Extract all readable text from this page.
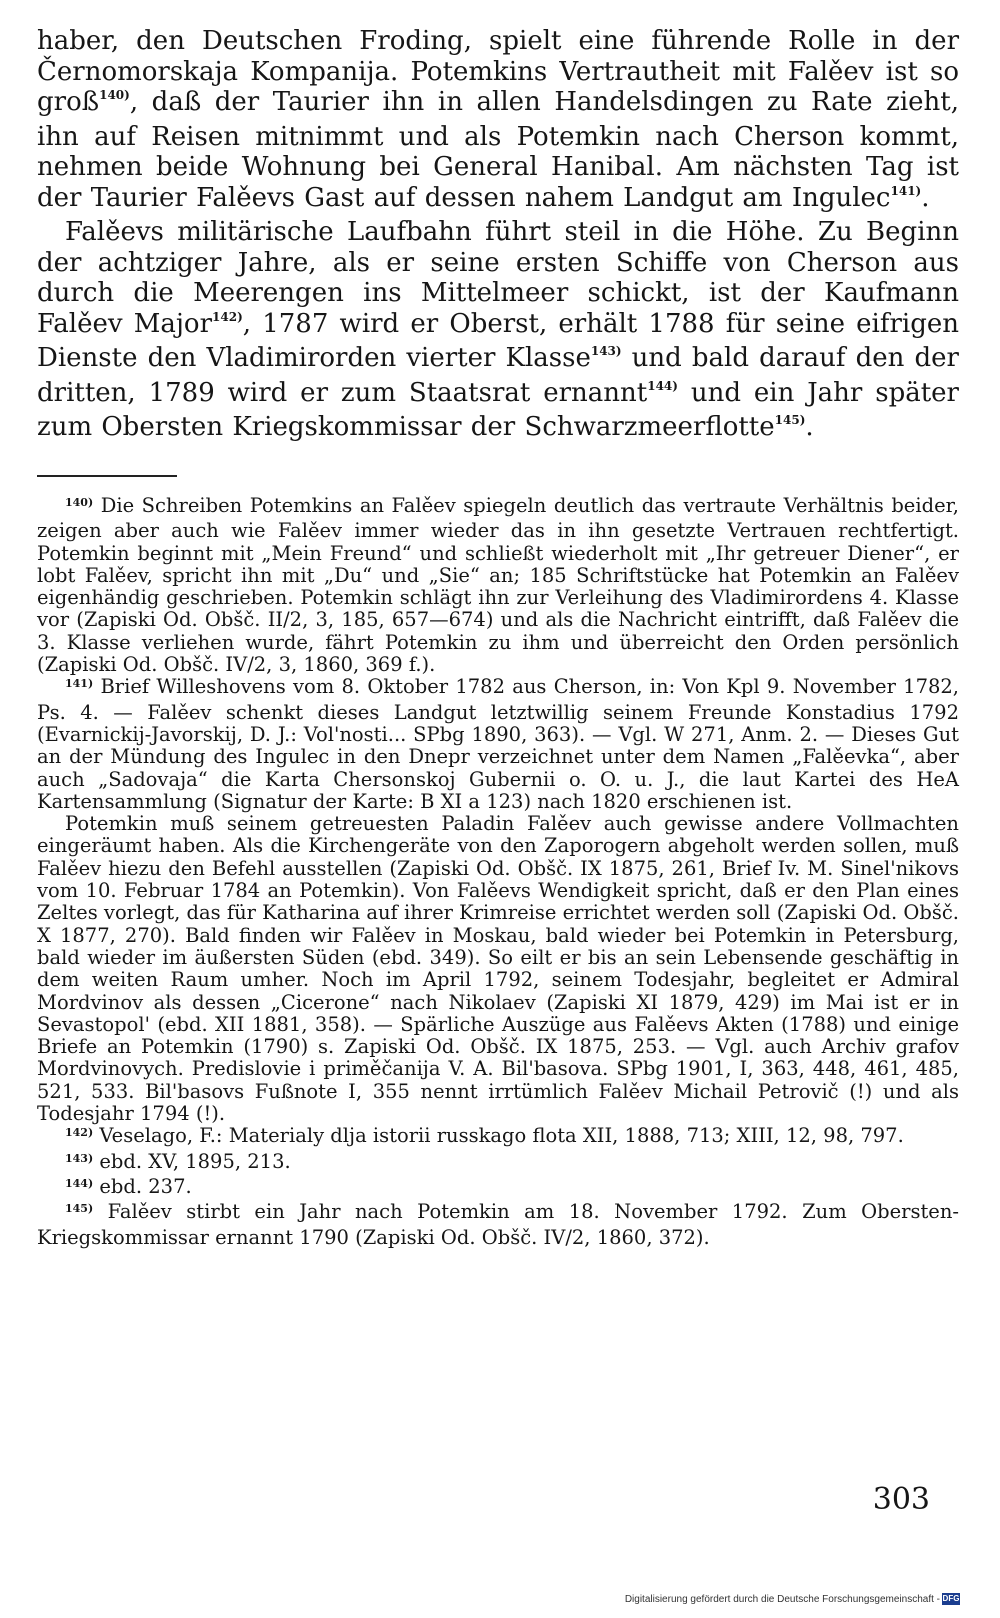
haber, den Deutschen Froding, spielt eine führende Rolle in der Černomorskaja Kompanija. Potemkins Vertrautheit mit Falěev ist so groß$^{140)}$, daß der Taurier ihn in allen Handelsdingen zu Rate zieht, ihn auf Reisen mitnimmt und als Potemkin nach Cherson kommt, nehmen beide Wohnung bei General Hanibal. Am nächsten Tag ist der Taurier Falěevs Gast auf dessen nahem Landgut am Ingulec$^{141)}$.

Falěevs militärische Laufbahn führt steil in die Höhe. Zu Beginn der achtziger Jahre, als er seine ersten Schiffe von Cherson aus durch die Meerengen ins Mittelmeer schickt, ist der Kaufmann Falěev Major$^{142)}$, 1787 wird er Oberst, erhält 1788 für seine eifrigen Dienste den Vladimirorden vierter Klasse$^{143)}$ und bald darauf den der dritten, 1789 wird er zum Staatsrat ernannt$^{144)}$ und ein Jahr später zum Obersten Kriegskommissar der Schwarzmeerflotte$^{145)}$.

$^{140)}$ Die Schreiben Potemkins an Falěev spiegeln deutlich das vertraute Verhältnis beider, zeigen aber auch wie Falěev immer wieder das in ihn gesetzte Vertrauen rechtfertigt. Potemkin beginnt mit „Mein Freund“ und schließt wiederholt mit „Ihr getreuer Diener“, er lobt Falěev, spricht ihn mit „Du“ und „Sie“ an; 185 Schriftstücke hat Potemkin an Falěev eigenhändig geschrieben. Potemkin schlägt ihn zur Verleihung des Vladimirordens 4. Klasse vor (Zapiski Od. Obšč. II/2, 3, 185, 657—674) und als die Nachricht eintrifft, daß Falěev die 3. Klasse verliehen wurde, fährt Potemkin zu ihm und überreicht den Orden persönlich (Zapiski Od. Obšč. IV/2, 3, 1860, 369 f.).

$^{141)}$ Brief Willeshovens vom 8. Oktober 1782 aus Cherson, in: Von Kpl 9. November 1782, Ps. 4. — Falěev schenkt dieses Landgut letztwillig seinem Freunde Konstadius 1792 (Evarnickij-Javorskij, D. J.: Vol'nosti... SPbg 1890, 363). — Vgl. W 271, Anm. 2. — Dieses Gut an der Mündung des Ingulec in den Dnepr verzeichnet unter dem Namen „Falěevka“, aber auch „Sadovaja“ die Karta Chersonskoj Gubernii o. O. u. J., die laut Kartei des HeA Kartensammlung (Signatur der Karte: B XI a 123) nach 1820 erschienen ist.

Potemkin muß seinem getreuesten Paladin Falěev auch gewisse andere Vollmachten eingeräumt haben. Als die Kirchengeräte von den Zaporogern abgeholt werden sollen, muß Falěev hiezu den Befehl ausstellen (Zapiski Od. Obšč. IX 1875, 261, Brief Iv. M. Sinel'nikovs vom 10. Februar 1784 an Potemkin). Von Falěevs Wendigkeit spricht, daß er den Plan eines Zeltes vorlegt, das für Katharina auf ihrer Krimreise errichtet werden soll (Zapiski Od. Obšč. X 1877, 270). Bald finden wir Falěev in Moskau, bald wieder bei Potemkin in Petersburg, bald wieder im äußersten Süden (ebd. 349). So eilt er bis an sein Lebensende geschäftig in dem weiten Raum umher. Noch im April 1792, seinem Todesjahr, begleitet er Admiral Mordvinov als dessen „Cicerone“ nach Nikolaev (Zapiski XI 1879, 429) im Mai ist er in Sevastopol' (ebd. XII 1881, 358). — Spärliche Auszüge aus Falěevs Akten (1788) und einige Briefe an Potemkin (1790) s. Zapiski Od. Obšč. IX 1875, 253. — Vgl. auch Archiv grafov Mordvinovych. Predislovie i priměčanija V. A. Bil'basova. SPbg 1901, I, 363, 448, 461, 485, 521, 533. Bil'basovs Fußnote I, 355 nennt irrtümlich Falěev Michail Petrovič (!) und als Todesjahr 1794 (!).

$^{142)}$ Veselago, F.: Materialy dlja istorii russkago flota XII, 1888, 713; XIII, 12, 98, 797.

$^{143)}$ ebd. XV, 1895, 213.

$^{144)}$ ebd. 237.

$^{145)}$ Falěev stirbt ein Jahr nach Potemkin am 18. November 1792. Zum Obersten-Kriegskommissar ernannt 1790 (Zapiski Od. Obšč. IV/2, 1860, 372).

303
Digitalisierung gefördert durch die Deutsche Forschungsgemeinschaft - DFG
